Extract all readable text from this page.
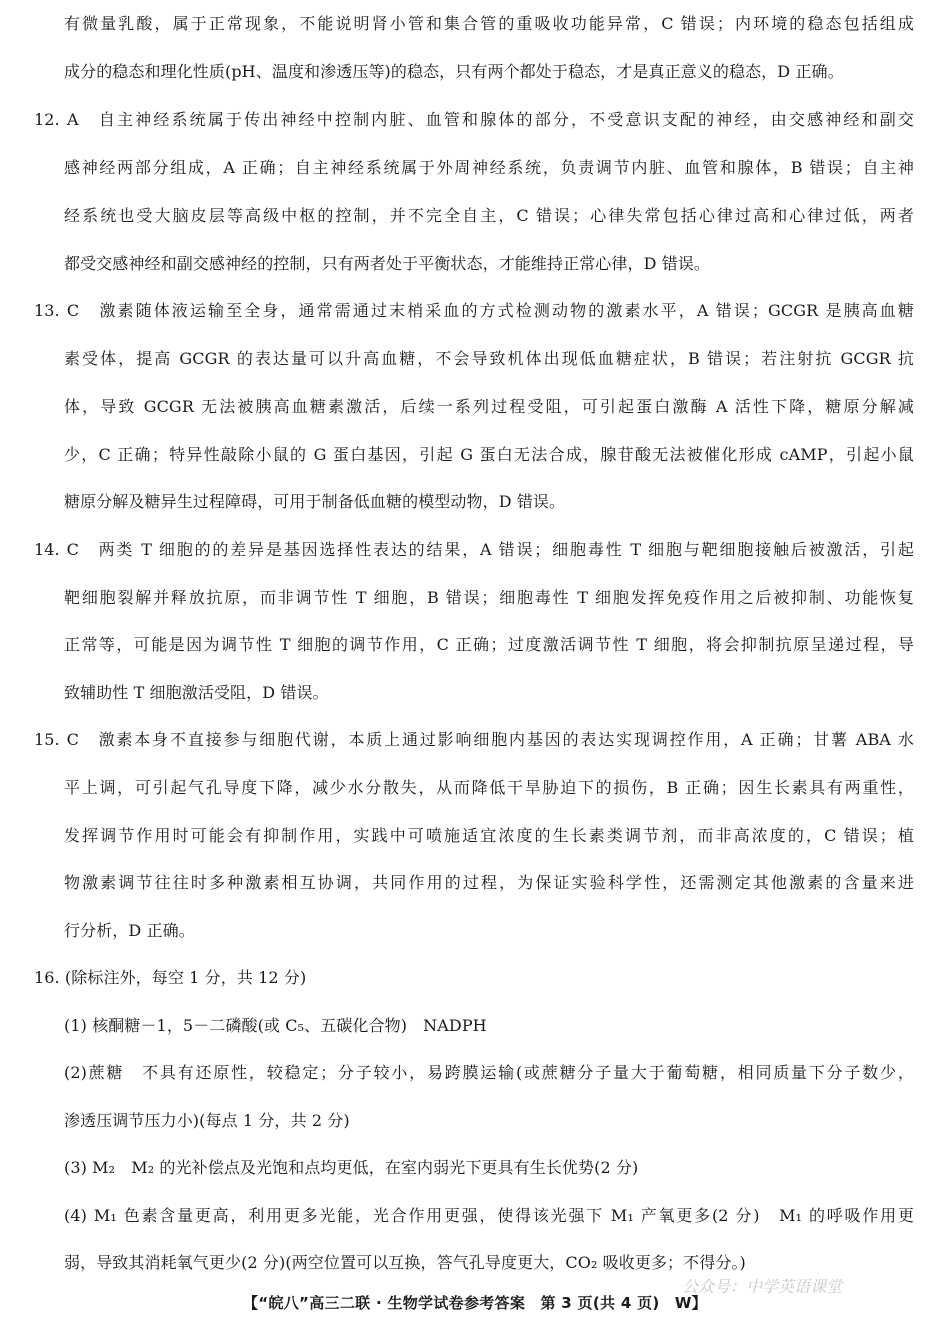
有微量乳酸，属于正常现象，不能说明肾小管和集合管的重吸收功能异常，C 错误；内环境的稳态包括组成
成分的稳态和理化性质(pH、温度和渗透压等)的稳态，只有两个都处于稳态，才是真正意义的稳态，D 正确。
12. A　自主神经系统属于传出神经中控制内脏、血管和腺体的部分，不受意识支配的神经，由交感神经和副交
感神经两部分组成，A 正确；自主神经系统属于外周神经系统，负责调节内脏、血管和腺体，B 错误；自主神
经系统也受大脑皮层等高级中枢的控制，并不完全自主，C 错误；心律失常包括心律过高和心律过低，两者
都受交感神经和副交感神经的控制，只有两者处于平衡状态，才能维持正常心律，D 错误。
13. C　激素随体液运输至全身，通常需通过末梢采血的方式检测动物的激素水平，A 错误；GCGR 是胰高血糖
素受体，提高 GCGR 的表达量可以升高血糖，不会导致机体出现低血糖症状，B 错误；若注射抗 GCGR 抗
体，导致 GCGR 无法被胰高血糖素激活，后续一系列过程受阻，可引起蛋白激酶 A 活性下降，糖原分解减
少，C 正确；特异性敲除小鼠的 G 蛋白基因，引起 G 蛋白无法合成，腺苷酸无法被催化形成 cAMP，引起小鼠
糖原分解及糖异生过程障碍，可用于制备低血糖的模型动物，D 错误。
14. C　两类 T 细胞的的差异是基因选择性表达的结果，A 错误；细胞毒性 T 细胞与靶细胞接触后被激活，引起
靶细胞裂解并释放抗原，而非调节性 T 细胞，B 错误；细胞毒性 T 细胞发挥免疫作用之后被抑制、功能恢复
正常等，可能是因为调节性 T 细胞的调节作用，C 正确；过度激活调节性 T 细胞，将会抑制抗原呈递过程，导
致辅助性 T 细胞激活受阻，D 错误。
15. C　激素本身不直接参与细胞代谢，本质上通过影响细胞内基因的表达实现调控作用，A 正确；甘薯 ABA 水
平上调，可引起气孔导度下降，减少水分散失，从而降低干旱胁迫下的损伤，B 正确；因生长素具有两重性，
发挥调节作用时可能会有抑制作用，实践中可喷施适宜浓度的生长素类调节剂，而非高浓度的，C 错误；植
物激素调节往往时多种激素相互协调，共同作用的过程，为保证实验科学性，还需测定其他激素的含量来进
行分析，D 正确。
16. (除标注外，每空 1 分，共 12 分)
(1) 核酮糖－1，5－二磷酸(或 C₅、五碳化合物)　NADPH
(2)蔗糖　不具有还原性，较稳定；分子较小，易跨膜运输(或蔗糖分子量大于葡萄糖，相同质量下分子数少，
渗透压调节压力小)(每点 1 分，共 2 分)
(3) M₂　M₂ 的光补偿点及光饱和点均更低，在室内弱光下更具有生长优势(2 分)
(4) M₁ 色素含量更高，利用更多光能，光合作用更强，使得该光强下 M₁ 产氧更多(2 分)　M₁ 的呼吸作用更
弱，导致其消耗氧气更少(2 分)(两空位置可以互换，答气孔导度更大，CO₂ 吸收更多；不得分。)
公众号：中学英语课堂
【“皖八”高三二联 · 生物学试卷参考答案　第 3 页(共 4 页)　W】
